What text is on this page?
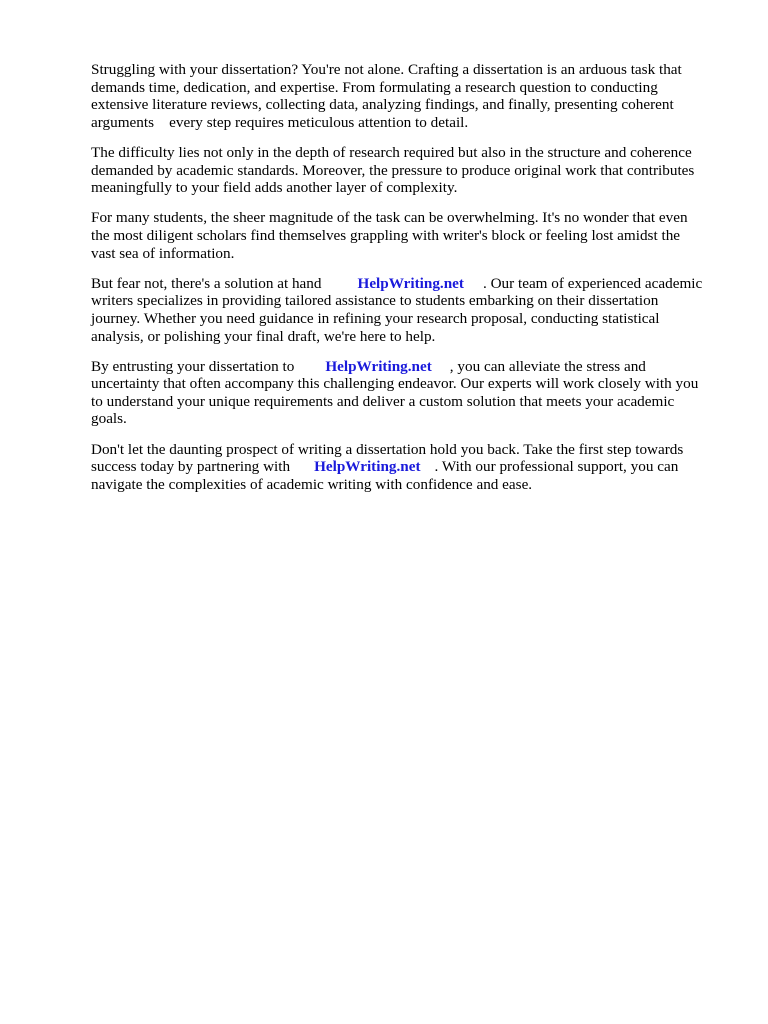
Struggling with your dissertation? You're not alone. Crafting a dissertation is an arduous task that
demands time, dedication, and expertise. From formulating a research question to conducting
extensive literature reviews, collecting data, analyzing findings, and finally, presenting coherent
arguments    every step requires meticulous attention to detail.

The difficulty lies not only in the depth of research required but also in the structure and coherence
demanded by academic standards. Moreover, the pressure to produce original work that contributes
meaningfully to your field adds another layer of complexity.

For many students, the sheer magnitude of the task can be overwhelming. It's no wonder that even
the most diligent scholars find themselves grappling with writer's block or feeling lost amidst the
vast sea of information.

But fear not, there's a solution at hand HelpWriting.net . Our team of experienced academic
writers specializes in providing tailored assistance to students embarking on their dissertation
journey. Whether you need guidance in refining your research proposal, conducting statistical
analysis, or polishing your final draft, we're here to help.

By entrusting your dissertation to HelpWriting.net , you can alleviate the stress and
uncertainty that often accompany this challenging endeavor. Our experts will work closely with you
to understand your unique requirements and deliver a custom solution that meets your academic
goals.

Don't let the daunting prospect of writing a dissertation hold you back. Take the first step towards
success today by partnering with HelpWriting.net . With our professional support, you can
navigate the complexities of academic writing with confidence and ease.
